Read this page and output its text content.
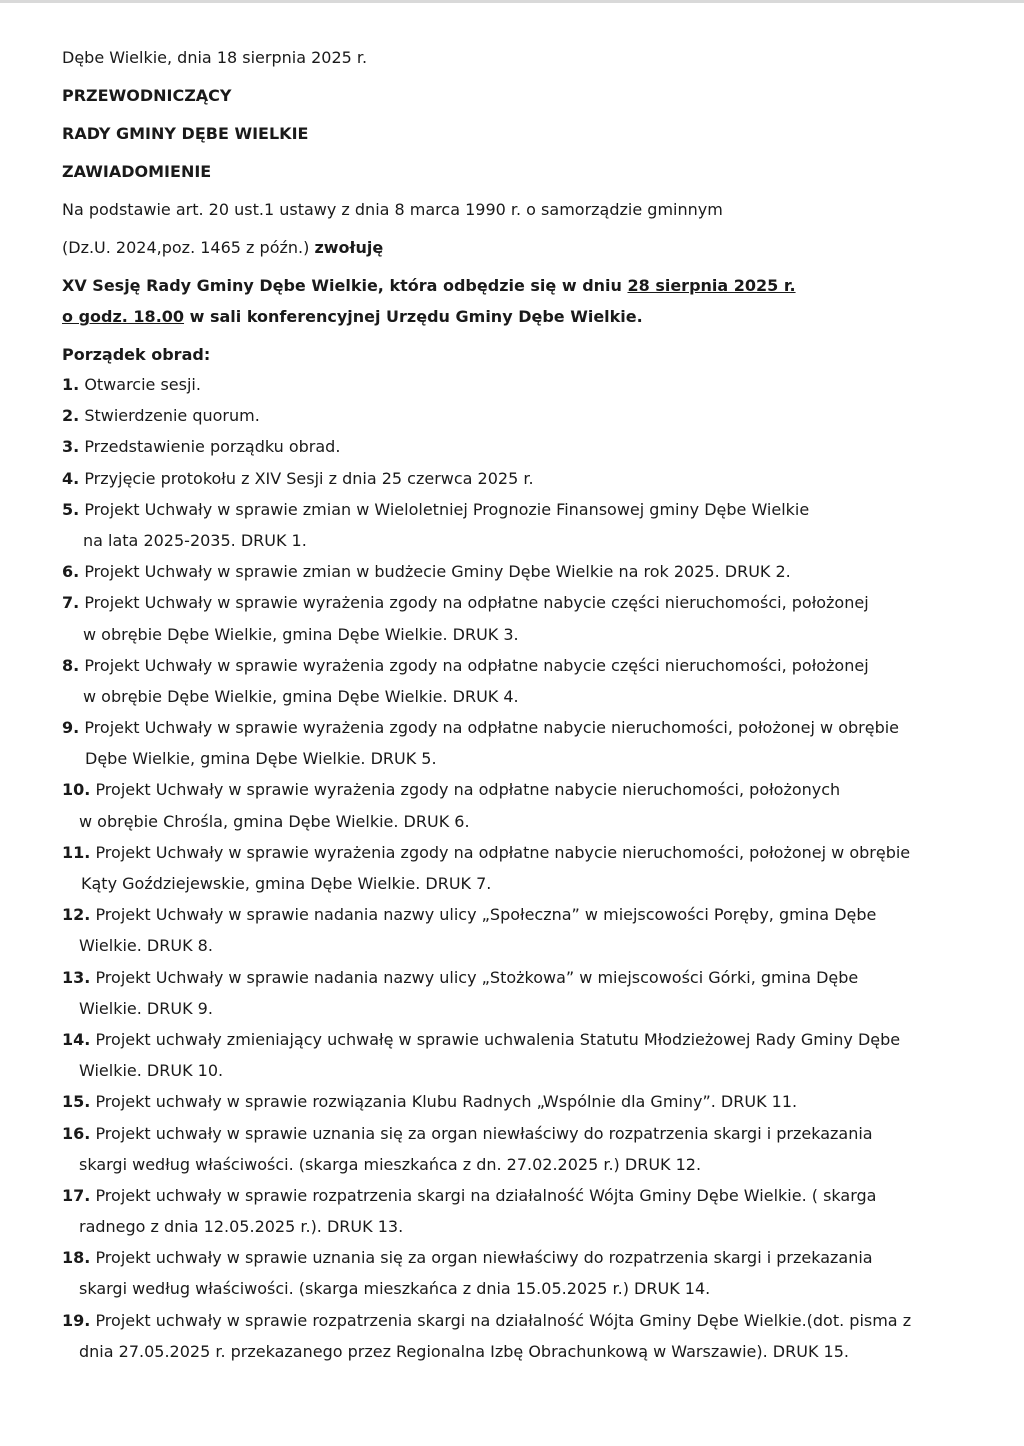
Dębe Wielkie, dnia 18 sierpnia 2025 r.
PRZEWODNICZĄCY
RADY GMINY DĘBE WIELKIE
ZAWIADOMIENIE
Na podstawie art. 20 ust.1 ustawy z dnia 8 marca 1990 r. o samorządzie gminnym
(Dz.U. 2024,poz. 1465 z późn.) zwołuję
XV Sesję Rady Gminy Dębe Wielkie, która odbędzie się w dniu 28 sierpnia 2025 r.
o godz. 18.00 w sali konferencyjnej Urzędu Gminy Dębe Wielkie.
Porządek obrad:
1. Otwarcie sesji.
2. Stwierdzenie quorum.
3. Przedstawienie porządku obrad.
4. Przyjęcie protokołu z XIV Sesji z dnia 25 czerwca 2025 r.
5. Projekt Uchwały w sprawie zmian w Wieloletniej Prognozie Finansowej gminy Dębe Wielkie
na lata 2025-2035. DRUK 1.
6. Projekt Uchwały w sprawie zmian w budżecie Gminy Dębe Wielkie na rok 2025. DRUK 2.
7. Projekt Uchwały w sprawie wyrażenia zgody na odpłatne nabycie części nieruchomości, położonej
w obrębie Dębe Wielkie, gmina Dębe Wielkie. DRUK 3.
8. Projekt Uchwały w sprawie wyrażenia zgody na odpłatne nabycie części nieruchomości, położonej
w obrębie Dębe Wielkie, gmina Dębe Wielkie. DRUK 4.
9. Projekt Uchwały w sprawie wyrażenia zgody na odpłatne nabycie nieruchomości, położonej w obrębie
Dębe Wielkie, gmina Dębe Wielkie. DRUK 5.
10. Projekt Uchwały w sprawie wyrażenia zgody na odpłatne nabycie nieruchomości, położonych
w obrębie Chrośla, gmina Dębe Wielkie. DRUK 6.
11. Projekt Uchwały w sprawie wyrażenia zgody na odpłatne nabycie nieruchomości, położonej w obrębie
Kąty Goździejewskie, gmina Dębe Wielkie. DRUK 7.
12. Projekt Uchwały w sprawie nadania nazwy ulicy „Społeczna” w miejscowości Poręby, gmina Dębe
Wielkie. DRUK 8.
13. Projekt Uchwały w sprawie nadania nazwy ulicy „Stożkowa” w miejscowości Górki, gmina Dębe
Wielkie. DRUK 9.
14. Projekt uchwały zmieniający uchwałę w sprawie uchwalenia Statutu Młodzieżowej Rady Gminy Dębe
Wielkie. DRUK 10.
15. Projekt uchwały w sprawie rozwiązania Klubu Radnych „Wspólnie dla Gminy”. DRUK 11.
16. Projekt uchwały w sprawie uznania się za organ niewłaściwy do rozpatrzenia skargi i przekazania
skargi według właściwości. (skarga mieszkańca z dn. 27.02.2025 r.) DRUK 12.
17. Projekt uchwały w sprawie rozpatrzenia skargi na działalność Wójta Gminy Dębe Wielkie. ( skarga
radnego z dnia 12.05.2025 r.). DRUK 13.
18. Projekt uchwały w sprawie uznania się za organ niewłaściwy do rozpatrzenia skargi i przekazania
skargi według właściwości. (skarga mieszkańca z dnia 15.05.2025 r.) DRUK 14.
19. Projekt uchwały w sprawie rozpatrzenia skargi na działalność Wójta Gminy Dębe Wielkie.(dot. pisma z
dnia 27.05.2025 r. przekazanego przez Regionalna Izbę Obrachunkową w Warszawie). DRUK 15.
